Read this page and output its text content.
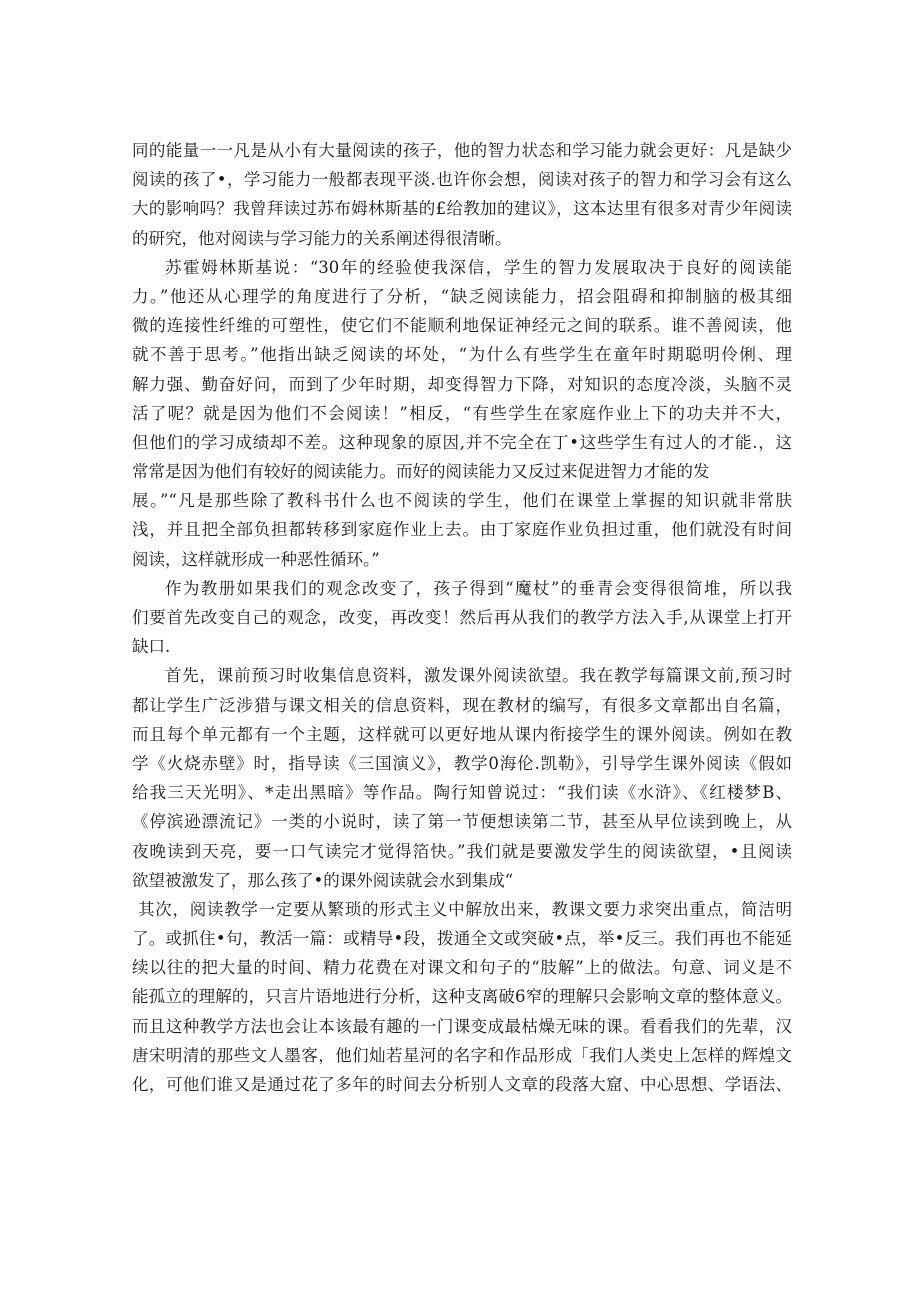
同的能量一一凡是从小有大量阅读的孩子，他的智力状态和学习能力就会更好：凡是缺少
阅读的孩了•，学习能力一般都表现平淡.也许你会想，阅读对孩子的智力和学习会有这么
大的影响吗？我曾拜读过苏布姆林斯基的£给教加的建议》，这本达里有很多对青少年阅读
的研究，他对阅读与学习能力的关系阐述得很清晰。
苏霍姆林斯基说：“30年的经验使我深信，学生的智力发展取决于良好的阅读能
力。”他还从心理学的角度进行了分析，“缺乏阅读能力，招会阻碍和抑制脑的极其细
微的连接性纤维的可塑性，使它们不能顺利地保证神经元之间的联系。谁不善阅读，他
就不善于思考。”他指出缺乏阅读的坏处，“为什么有些学生在童年时期聪明伶俐、理
解力强、勤奋好问，而到了少年时期，却变得智力下降，对知识的态度冷淡，头脑不灵
活了呢？就是因为他们不会阅读！”相反，“有些学生在家庭作业上下的功夫并不大，
但他们的学习成绩却不差。这种现象的原因,并不完全在丁•这些学生有过人的才能.，这
常常是因为他们有较好的阅读能力。而好的阅读能力又反过来促进智力才能的发
展。”“凡是那些除了教科书什么也不阅读的学生，他们在课堂上掌握的知识就非常肤
浅，并且把全部负担都转移到家庭作业上去。由丁家庭作业负担过重，他们就没有时间
阅读，这样就形成一种恶性循环。”
作为教册如果我们的观念改变了，孩子得到“魔杖”的垂青会变得很简堆，所以我
们要首先改变自己的观念，改变，再改变！然后再从我们的教学方法入手,从课堂上打开
缺口.
首先，课前预习时收集信息资料，激发课外阅读欲望。我在教学每篇课文前,预习时
都让学生广泛涉猎与课文相关的信息资料，现在教材的编写，有很多文章都出自名篇，
而且每个单元都有一个主题，这样就可以更好地从课内衔接学生的课外阅读。例如在教
学《火烧赤壁》时，指导读《三国演义》，教学0海伦.凯勒》，引导学生课外阅读《假如
给我三天光明》、*走出黑暗》等作品。陶行知曾说过：“我们读《水浒》、《红楼梦B、
《停滨逊漂流记》一类的小说时，读了第一节便想读第二节，甚至从早位读到晚上，从
夜晚读到天亮，要一口气读完才觉得箔快。”我们就是要激发学生的阅读欲望，•且阅读
欲望被激发了，那么孩了•的课外阅读就会水到集成“
其次，阅读教学一定要从繁琐的形式主义中解放出来，教课文要力求突出重点，简洁明
了。或抓住•句，教活一篇：或精导•段，拨通全文或突破•点，举•反三。我们再也不能延
续以往的把大量的时间、精力花费在对课文和句子的“肢解”上的做法。句意、词义是不
能孤立的理解的，只言片语地进行分析，这种支离破6窄的理解只会影响文章的整体意义。
而且这种教学方法也会让本该最有趣的一门课变成最枯燥无味的课。看看我们的先辈，汉
唐宋明清的那些文人墨客，他们灿若星河的名字和作品形成「我们人类史上怎样的辉煌文
化，可他们谁又是通过花了多年的时间去分析别人文章的段落大窟、中心思想、学语法、
